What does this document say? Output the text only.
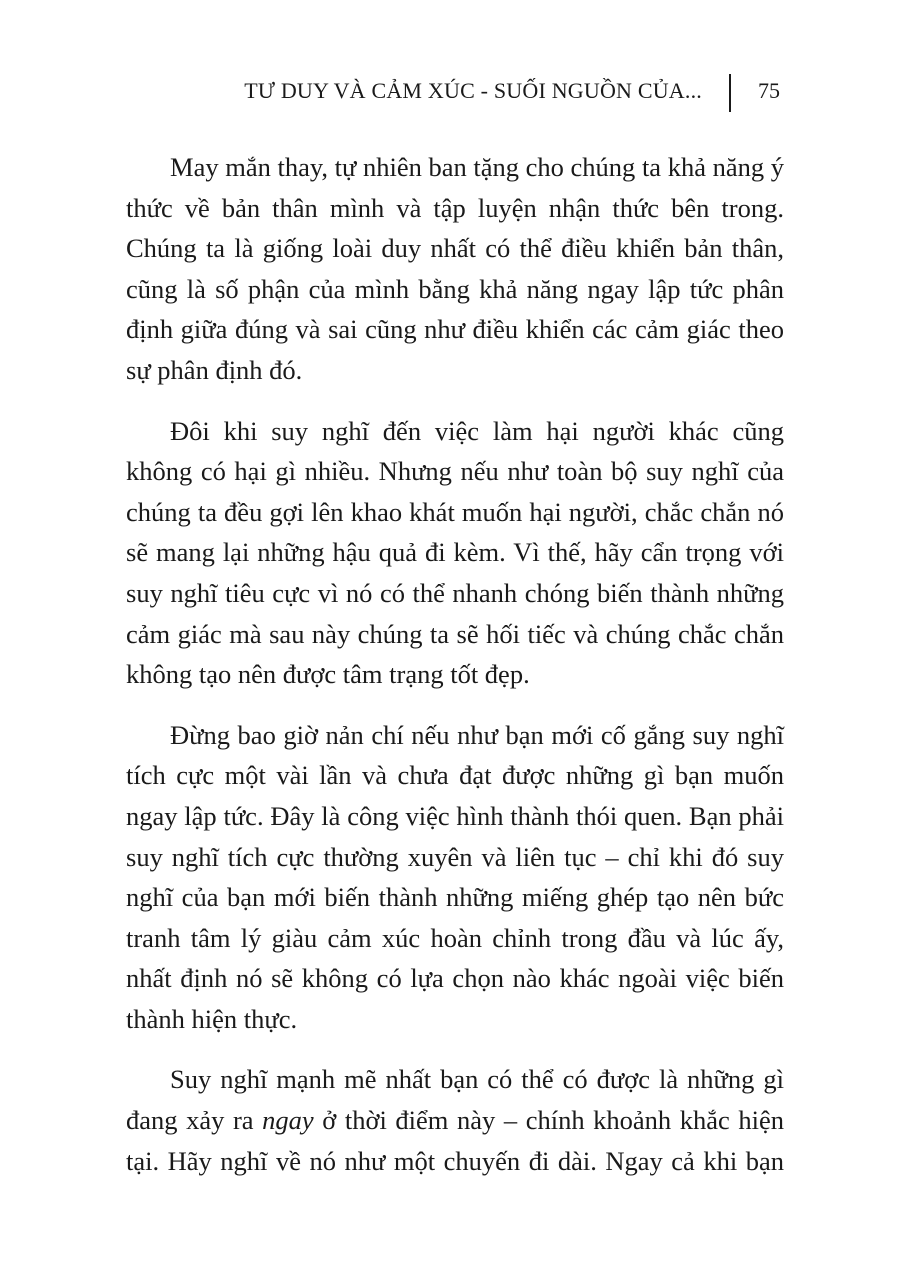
TƯ DUY VÀ CẢM XÚC - SUỐI NGUỒN CỦA...	75

May mắn thay, tự nhiên ban tặng cho chúng ta khả năng ý thức về bản thân mình và tập luyện nhận thức bên trong. Chúng ta là giống loài duy nhất có thể điều khiển bản thân, cũng là số phận của mình bằng khả năng ngay lập tức phân định giữa đúng và sai cũng như điều khiển các cảm giác theo sự phân định đó.

Đôi khi suy nghĩ đến việc làm hại người khác cũng không có hại gì nhiều. Nhưng nếu như toàn bộ suy nghĩ của chúng ta đều gợi lên khao khát muốn hại người, chắc chắn nó sẽ mang lại những hậu quả đi kèm. Vì thế, hãy cẩn trọng với suy nghĩ tiêu cực vì nó có thể nhanh chóng biến thành những cảm giác mà sau này chúng ta sẽ hối tiếc và chúng chắc chắn không tạo nên được tâm trạng tốt đẹp.

Đừng bao giờ nản chí nếu như bạn mới cố gắng suy nghĩ tích cực một vài lần và chưa đạt được những gì bạn muốn ngay lập tức. Đây là công việc hình thành thói quen. Bạn phải suy nghĩ tích cực thường xuyên và liên tục – chỉ khi đó suy nghĩ của bạn mới biến thành những miếng ghép tạo nên bức tranh tâm lý giàu cảm xúc hoàn chỉnh trong đầu và lúc ấy, nhất định nó sẽ không có lựa chọn nào khác ngoài việc biến thành hiện thực.

Suy nghĩ mạnh mẽ nhất bạn có thể có được là những gì đang xảy ra ngay ở thời điểm này – chính khoảnh khắc hiện tại. Hãy nghĩ về nó như một chuyến đi dài. Ngay cả khi bạn
